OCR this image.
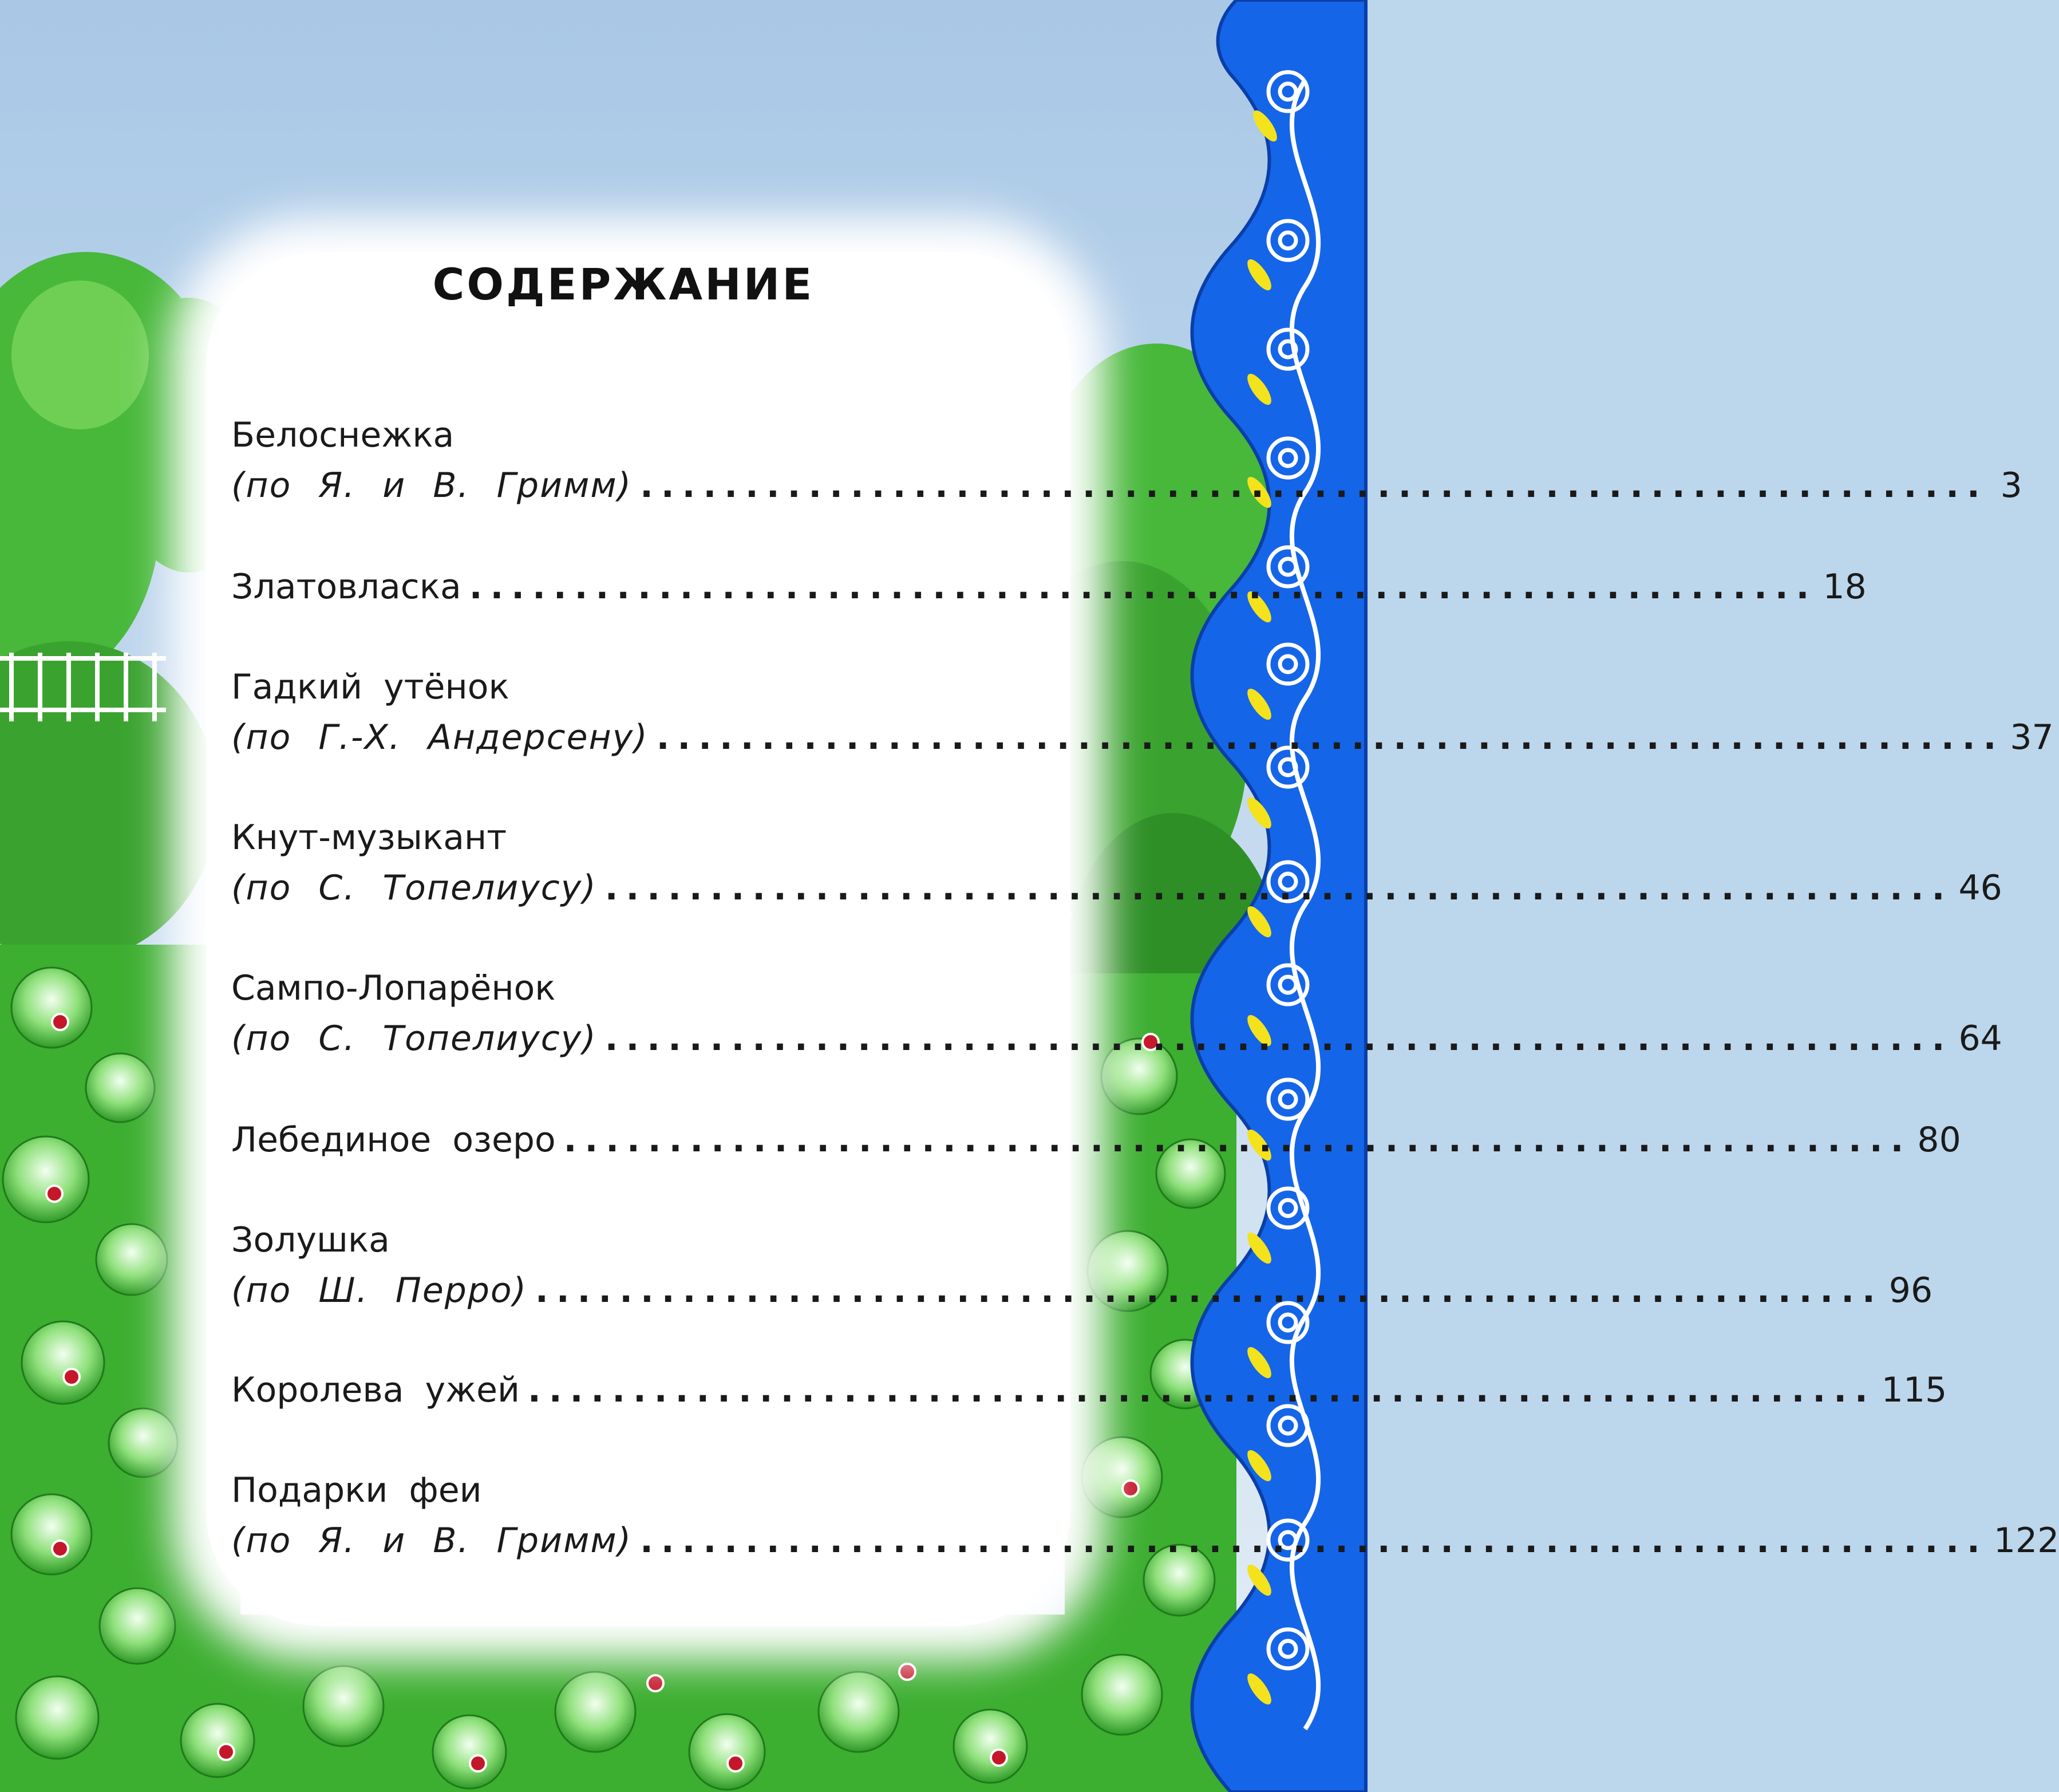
СОДЕРЖАНИЕ
Белоснежка
(по Я. и В. Гримм) ................................................................ 3
Златовласка ................................................................ 18
Гадкий утёнок
(по Г.-Х. Андерсену) ................................................................ 37
Кнут-музыкант
(по С. Топелиусу) ................................................................ 46
Сампо-Лопарёнок
(по С. Топелиусу) ................................................................ 64
Лебединое озеро ................................................................ 80
Золушка
(по Ш. Перро) ................................................................ 96
Королева ужей ................................................................ 115
Подарки феи
(по Я. и В. Гримм) ................................................................ 122
